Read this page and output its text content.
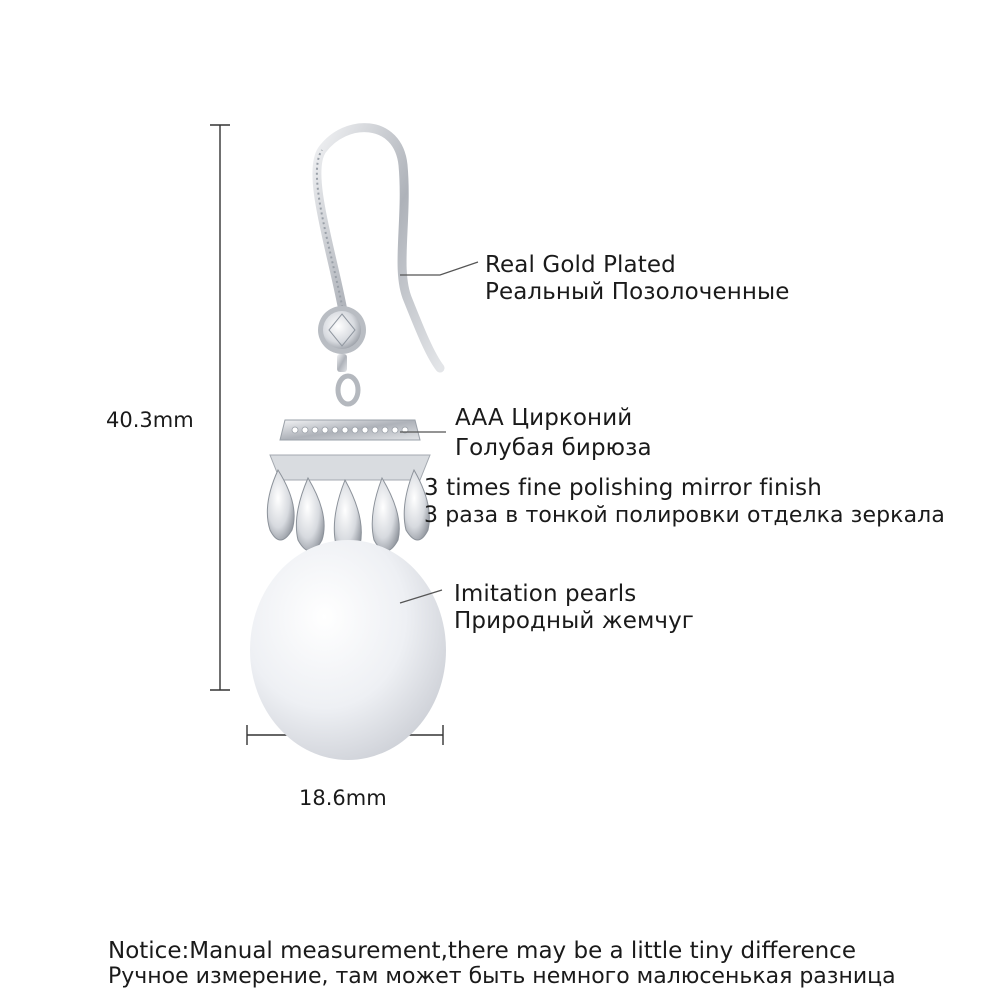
40.3mm
18.6mm
Real Gold Plated
Реальный Позолоченные
AAA Цирконий
Голубая бирюза
3 times fine polishing mirror finish
3 раза в тонкой полировки отделка зеркала
Imitation pearls
Природный жемчуг
Notice:Manual measurement,there may be a little tiny difference
Ручное измерение, там может быть немного малюсенькая разница
